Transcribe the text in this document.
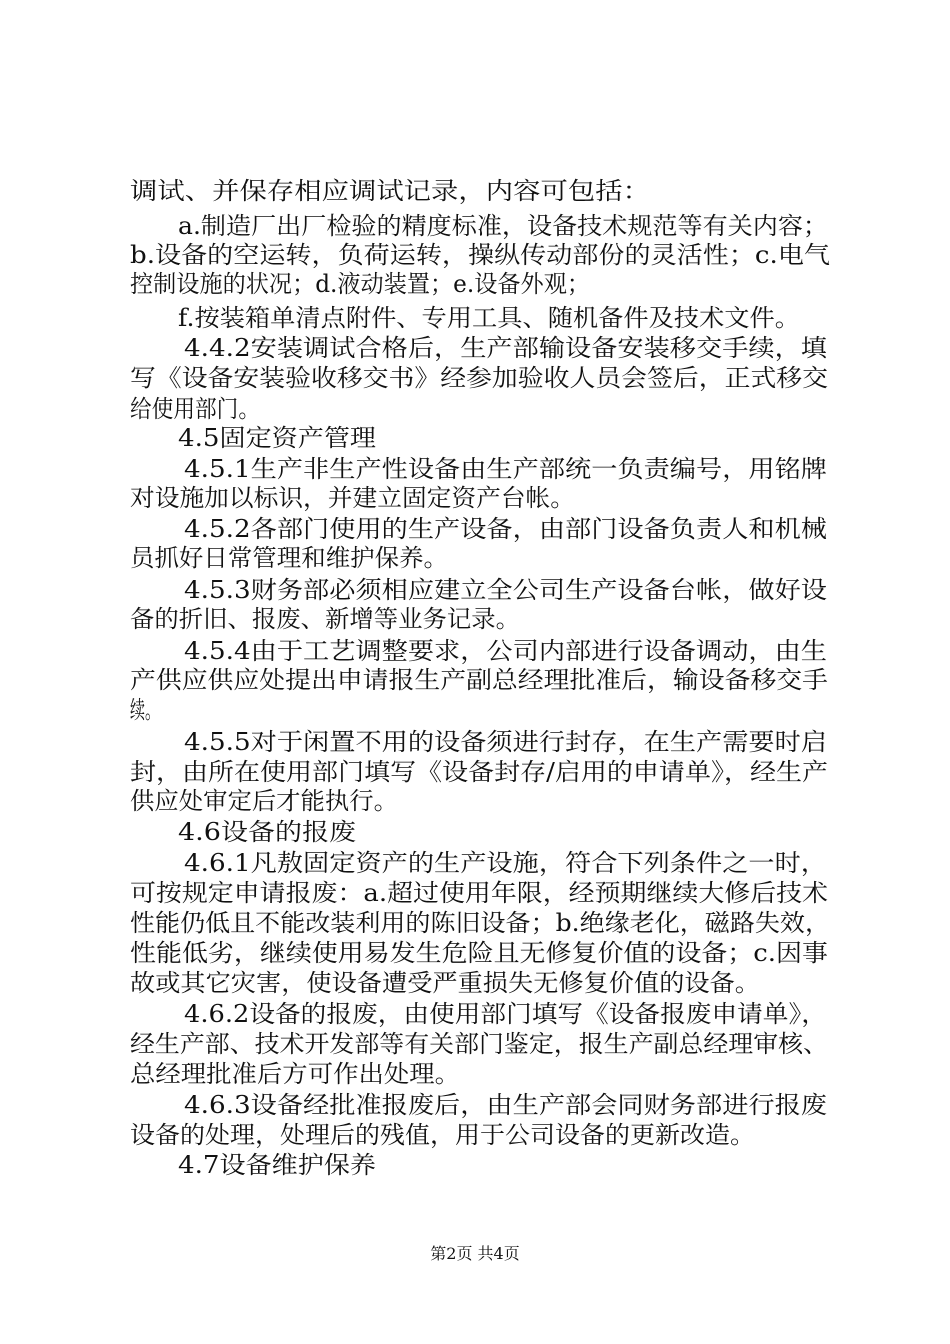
调试、并保存相应调试记录，内容可包括：
a.制造厂出厂检验的精度标准，设备技术规范等有关内容；
b.设备的空运转，负荷运转，操纵传动部份的灵活性；c.电气
控制设施的状况；d.液动装置；e.设备外观；
f.按装箱单清点附件、专用工具、随机备件及技术文件。
4.4.2安装调试合格后，生产部输设备安装移交手续，填
写《设备安装验收移交书》经参加验收人员会签后，正式移交
给使用部门。
4.5固定资产管理
4.5.1生产非生产性设备由生产部统一负责编号，用铭牌
对设施加以标识，并建立固定资产台帐。
4.5.2各部门使用的生产设备，由部门设备负责人和机械
员抓好日常管理和维护保养。
4.5.3财务部必须相应建立全公司生产设备台帐，做好设
备的折旧、报废、新增等业务记录。
4.5.4由于工艺调整要求，公司内部进行设备调动，由生
产供应供应处提出申请报生产副总经理批准后，输设备移交手
续。
4.5.5对于闲置不用的设备须进行封存，在生产需要时启
封，由所在使用部门填写《设备封存/启用的申请单》，经生产
供应处审定后才能执行。
4.6设备的报废
4.6.1凡敖固定资产的生产设施，符合下列条件之一时，
可按规定申请报废：a.超过使用年限，经预期继续大修后技术
性能仍低且不能改装利用的陈旧设备；b.绝缘老化，磁路失效，
性能低劣，继续使用易发生危险且无修复价值的设备；c.因事
故或其它灾害，使设备遭受严重损失无修复价值的设备。
4.6.2设备的报废，由使用部门填写《设备报废申请单》，
经生产部、技术开发部等有关部门鉴定，报生产副总经理审核、
总经理批准后方可作出处理。
4.6.3设备经批准报废后，由生产部会同财务部进行报废
设备的处理，处理后的残值，用于公司设备的更新改造。
4.7设备维护保养
第2页 共4页
